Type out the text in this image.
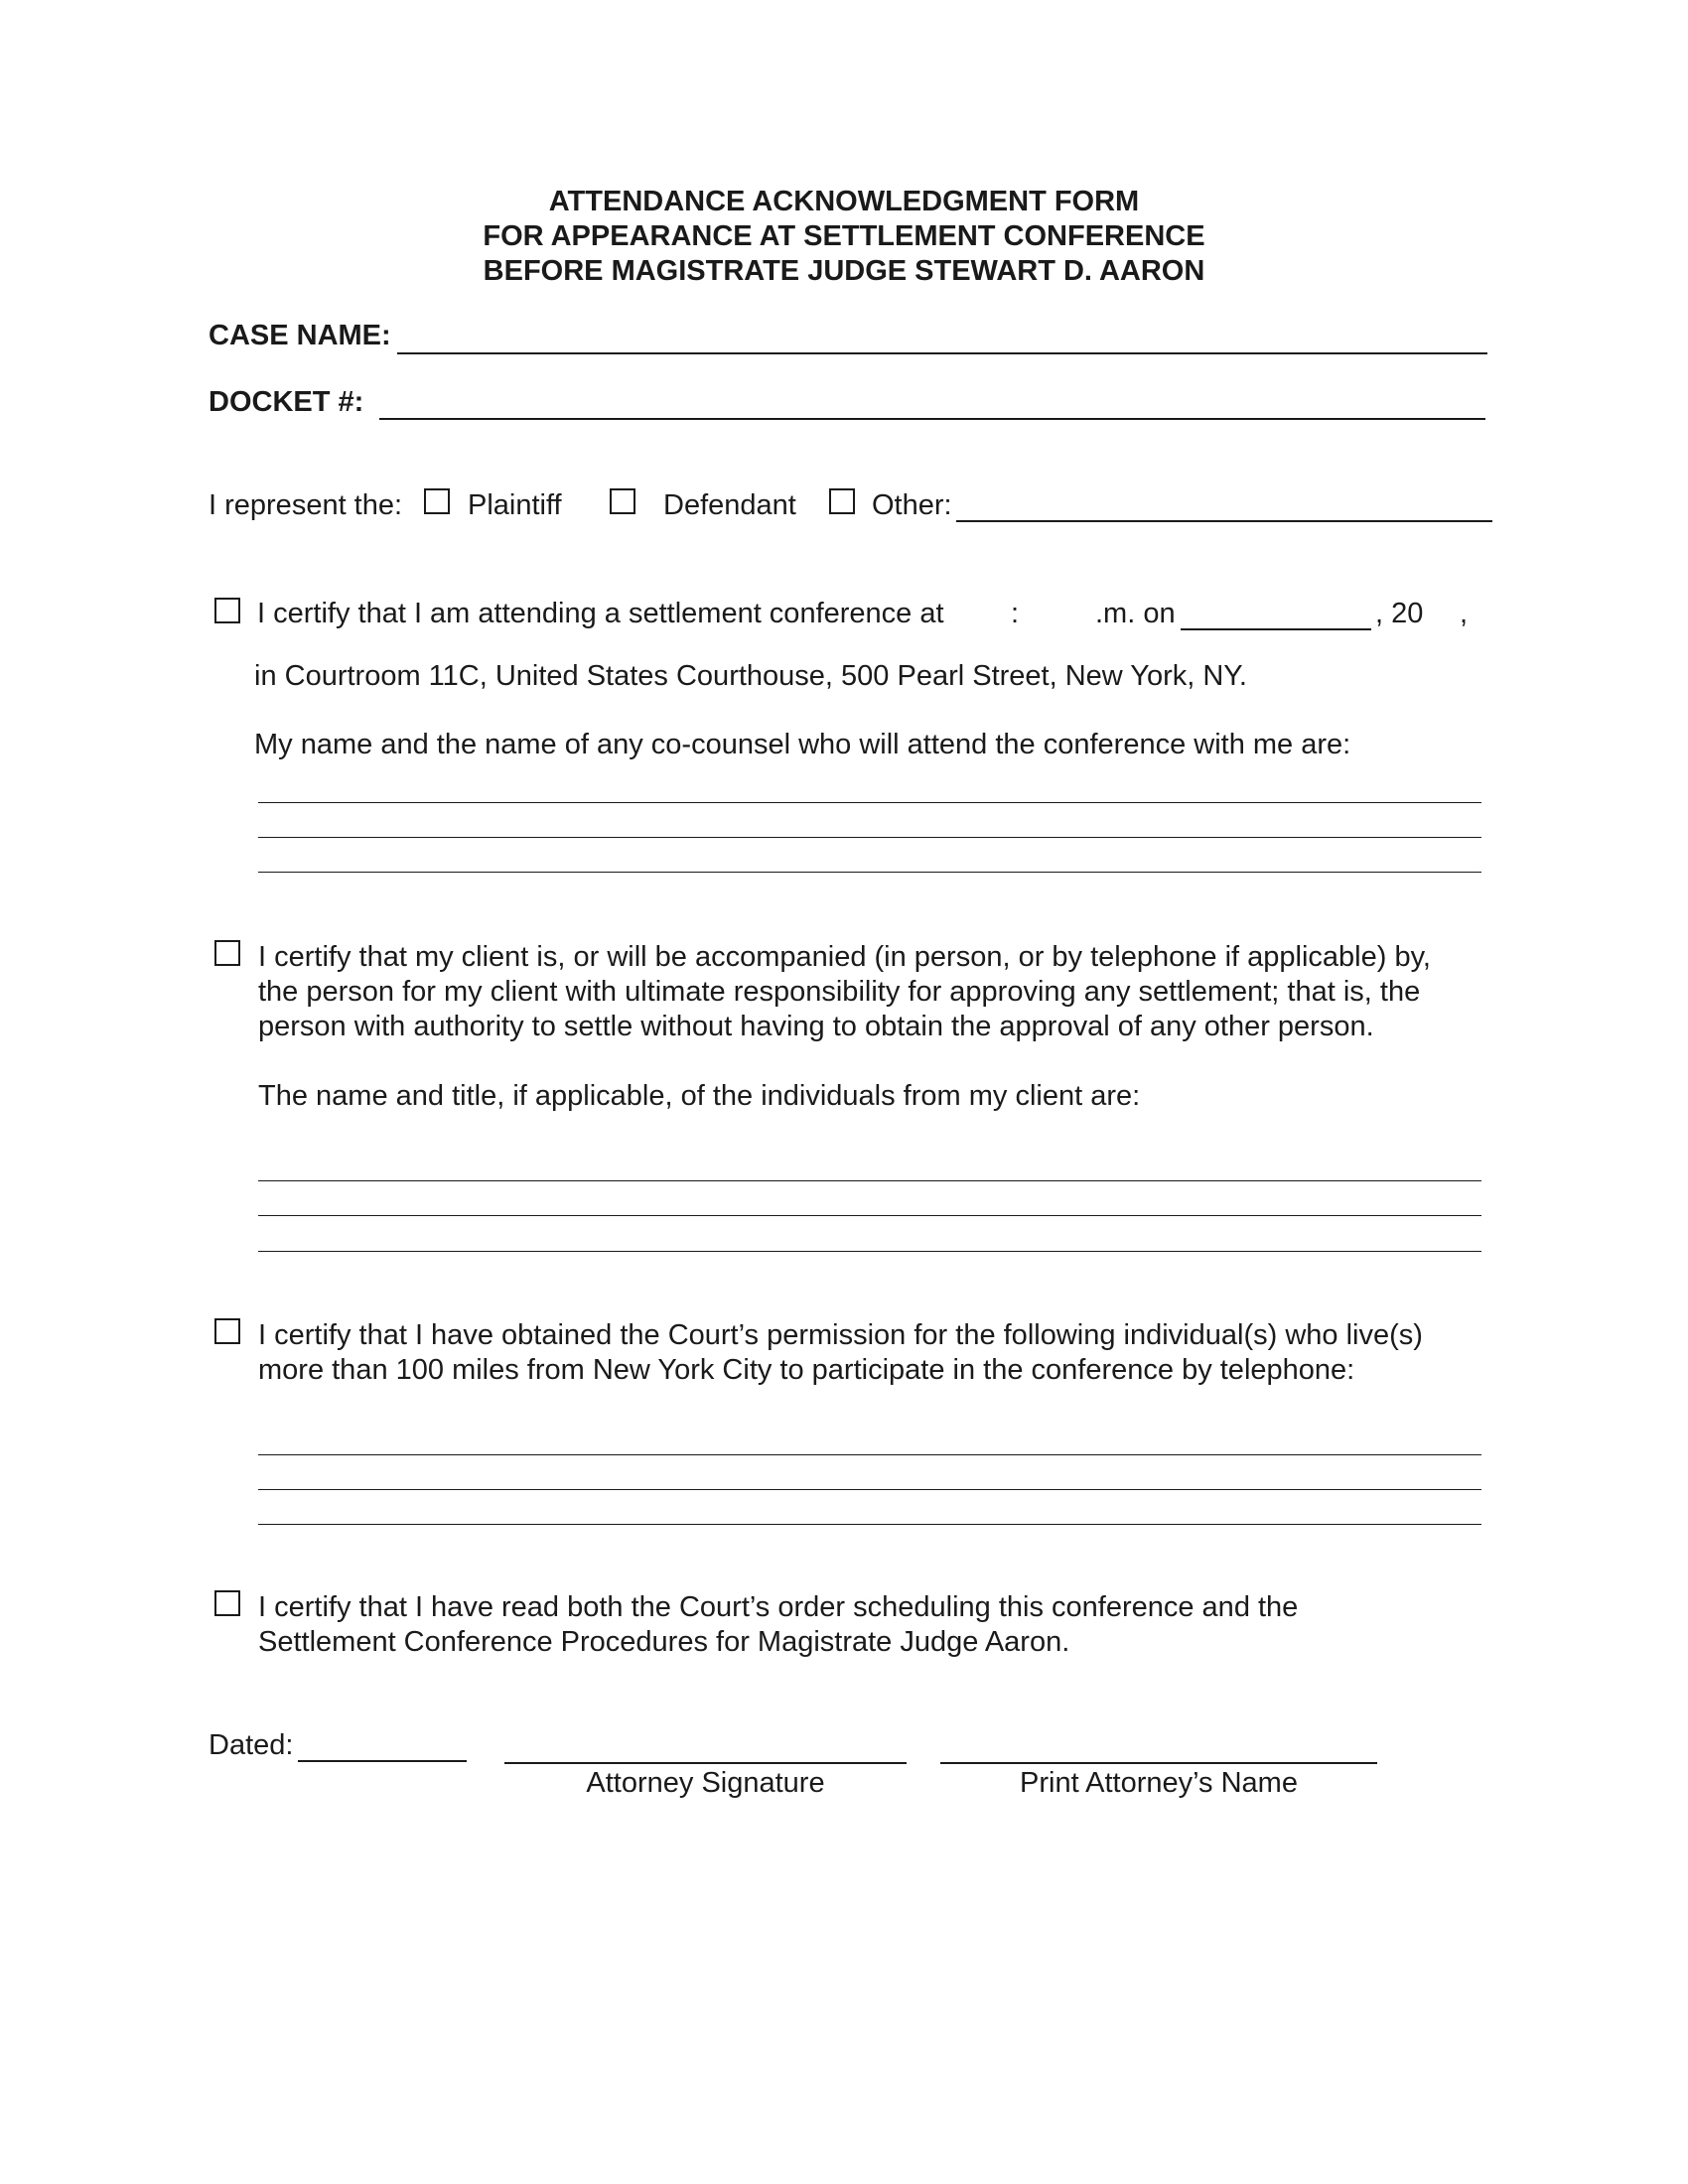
ATTENDANCE ACKNOWLEDGMENT FORM
FOR APPEARANCE AT SETTLEMENT CONFERENCE
BEFORE MAGISTRATE JUDGE STEWART D. AARON
CASE NAME:
DOCKET #:
I represent the: Plaintiff	Defendant	Other:
I certify that I am attending a settlement conference at :	.m. on	, 20 ,
in Courtroom 11C, United States Courthouse, 500 Pearl Street, New York, NY.
My name and the name of any co-counsel who will attend the conference with me are:
I certify that my client is, or will be accompanied (in person, or by telephone if applicable) by,
the person for my client with ultimate responsibility for approving any settlement; that is, the
person with authority to settle without having to obtain the approval of any other person.
The name and title, if applicable, of the individuals from my client are:
I certify that I have obtained the Court’s permission for the following individual(s) who live(s)
more than 100 miles from New York City to participate in the conference by telephone:
I certify that I have read both the Court’s order scheduling this conference and the
Settlement Conference Procedures for Magistrate Judge Aaron.
Dated:
Attorney Signature	Print Attorney’s Name
